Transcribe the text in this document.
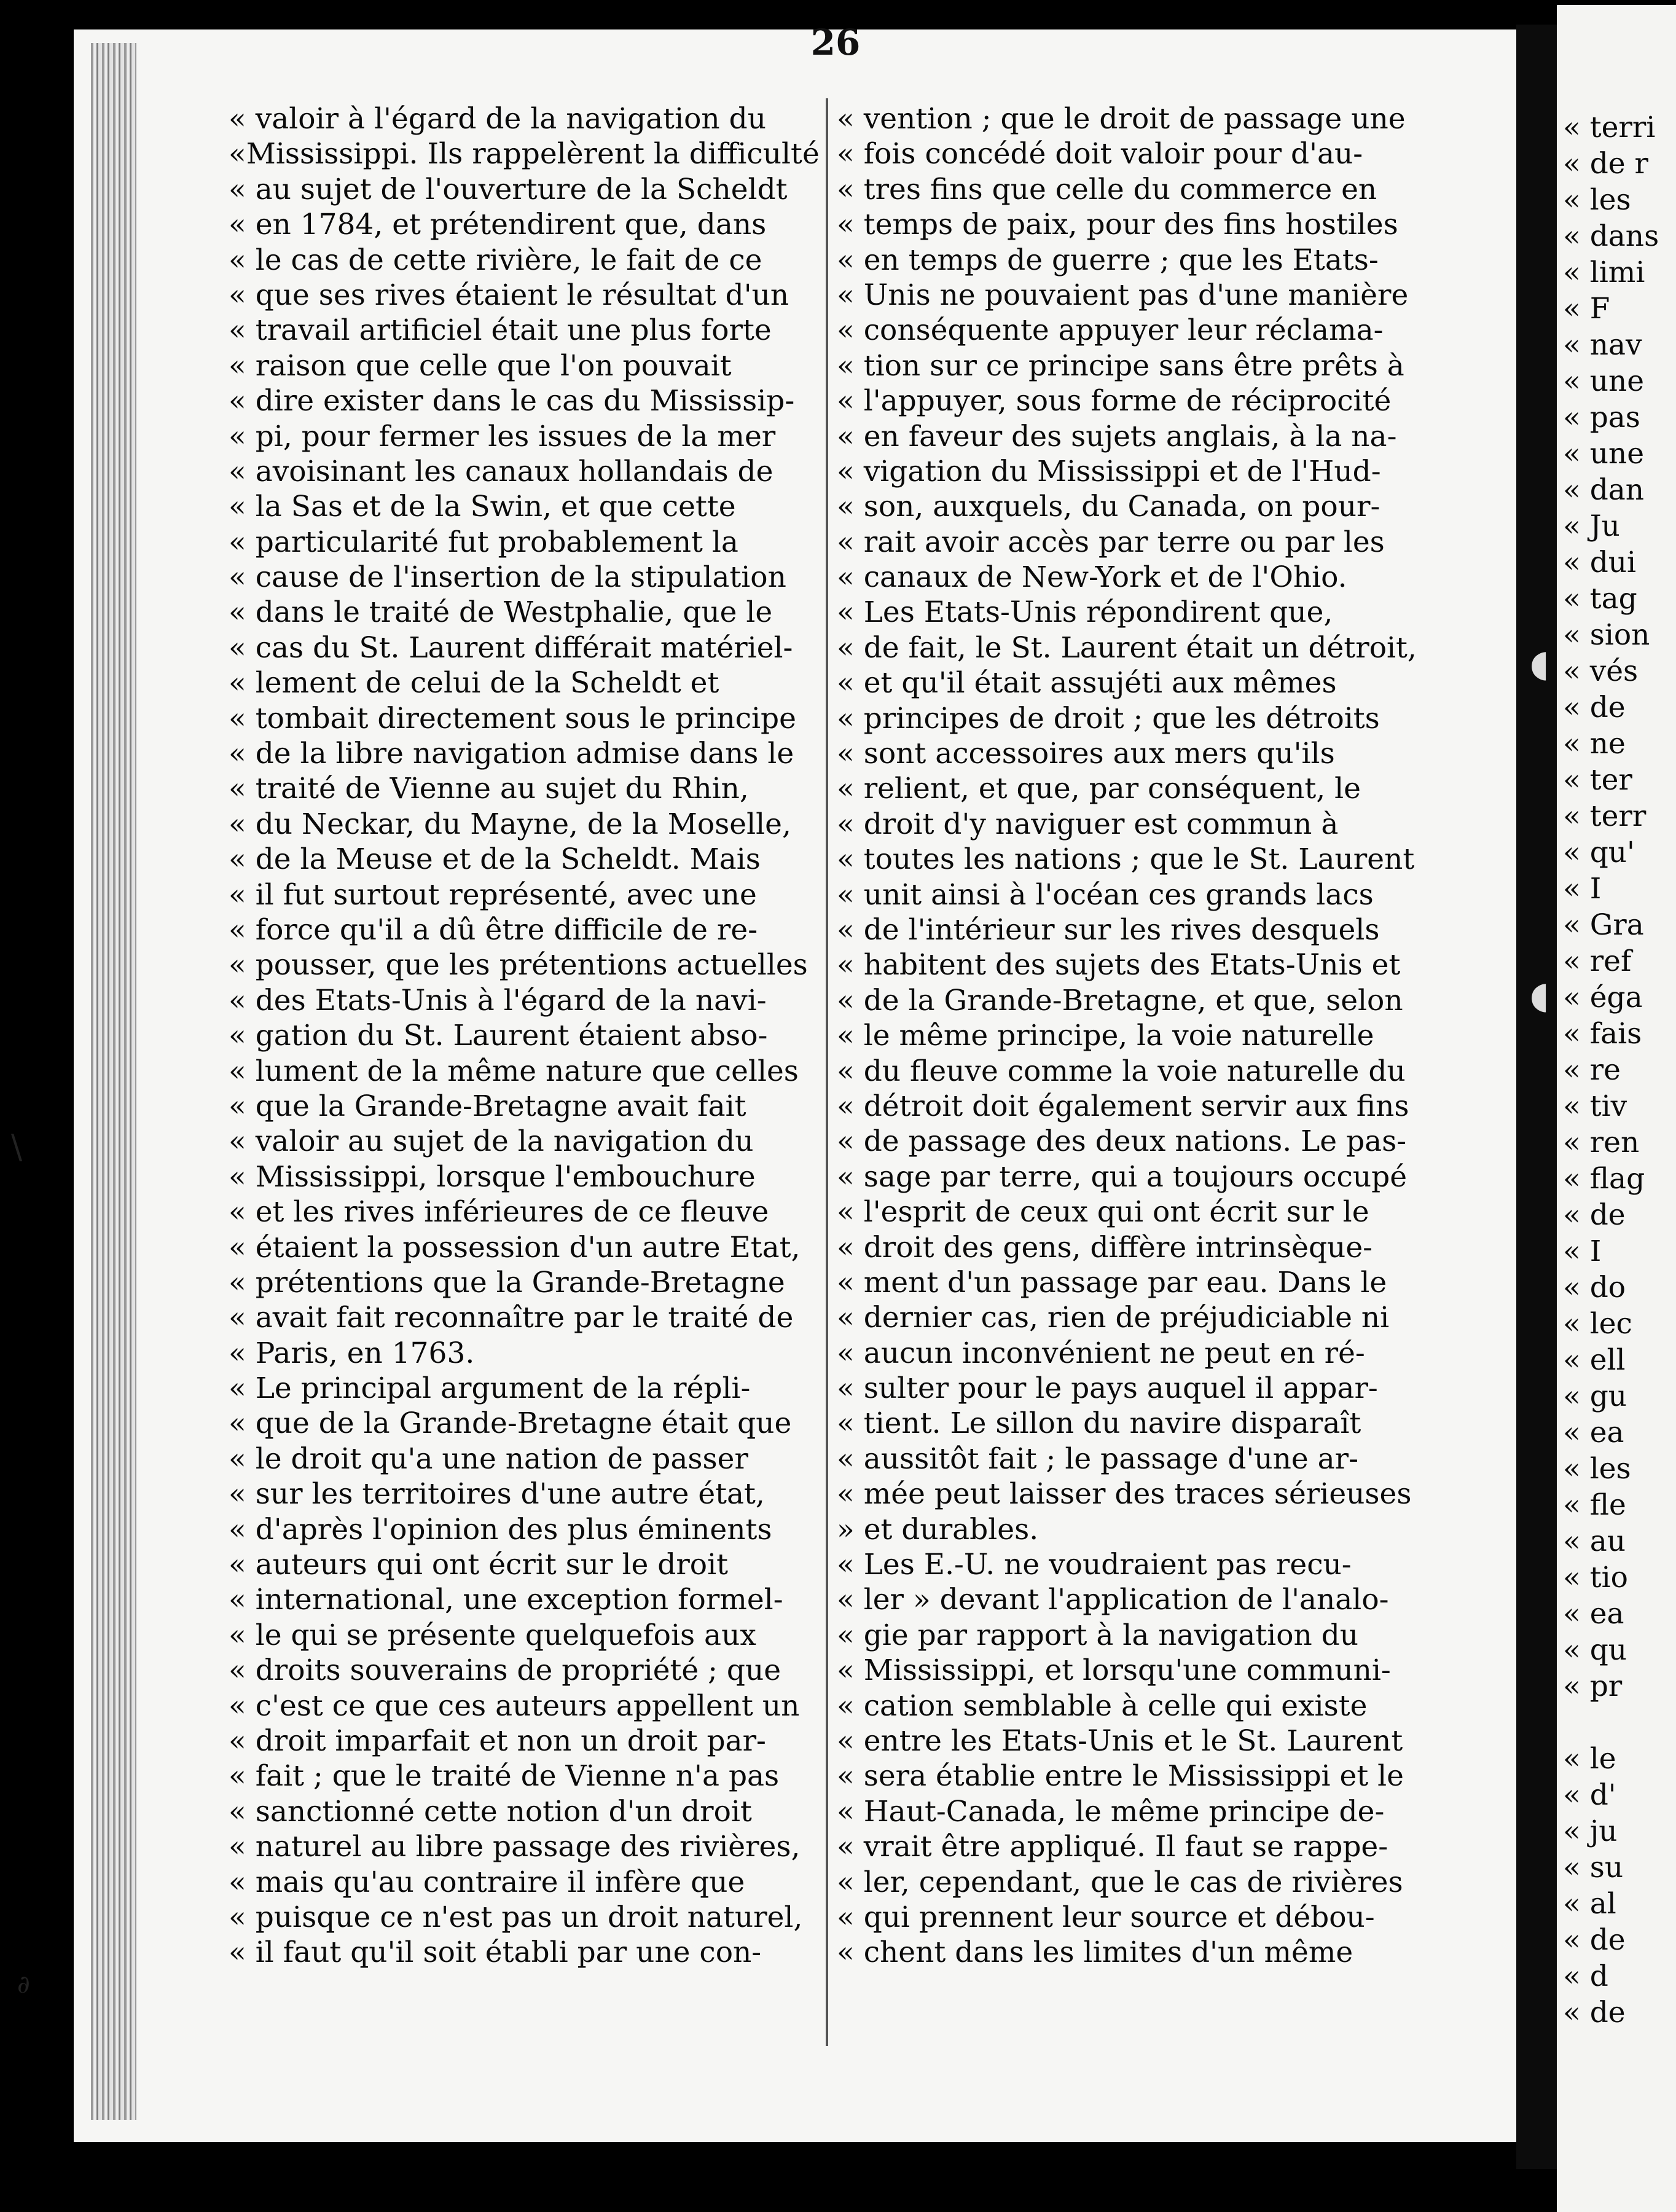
« terri
« de r
« les
« dans
« limi
« F
« nav
« une
« pas
« une
« dan
« Ju
« dui
« tag
« sion
« vés
« de
« ne
« ter
« terr
« qu'
« I
« Gra
« ref
« éga
« fais
« re
« tiv
« ren
« flag
« de
« I
« do
« lec
« ell
« gu
« ea
« les
« fle
« au
« tio
« ea
« qu
« pr
« le
« d'
« ju
« su
« al
« de
« d
« de
26
« valoir à l'égard de la navigation du
«Mississippi. Ils rappelèrent la difficulté
« au sujet de l'ouverture de la Scheldt
« en 1784, et prétendirent que, dans
« le cas de cette rivière, le fait de ce
« que ses rives étaient le résultat d'un
« travail artificiel était une plus forte
« raison que celle que l'on pouvait
« dire exister dans le cas du Mississip-
« pi, pour fermer les issues de la mer
« avoisinant les canaux hollandais de
« la Sas et de la Swin, et que cette
« particularité fut probablement la
« cause de l'insertion de la stipulation
« dans le traité de Westphalie, que le
« cas du St. Laurent différait matériel-
« lement de celui de la Scheldt et
« tombait directement sous le principe
« de la libre navigation admise dans le
« traité de Vienne au sujet du Rhin,
« du Neckar, du Mayne, de la Moselle,
« de la Meuse et de la Scheldt. Mais
« il fut surtout représenté, avec une
« force qu'il a dû être difficile de re-
« pousser, que les prétentions actuelles
« des Etats-Unis à l'égard de la navi-
« gation du St. Laurent étaient abso-
« lument de la même nature que celles
« que la Grande-Bretagne avait fait
« valoir au sujet de la navigation du
« Mississippi, lorsque l'embouchure
« et les rives inférieures de ce fleuve
« étaient la possession d'un autre Etat,
« prétentions que la Grande-Bretagne
« avait fait reconnaître par le traité de
« Paris, en 1763.
« Le principal argument de la répli-
« que de la Grande-Bretagne était que
« le droit qu'a une nation de passer
« sur les territoires d'une autre état,
« d'après l'opinion des plus éminents
« auteurs qui ont écrit sur le droit
« international, une exception formel-
« le qui se présente quelquefois aux
« droits souverains de propriété ; que
« c'est ce que ces auteurs appellent un
« droit imparfait et non un droit par-
« fait ; que le traité de Vienne n'a pas
« sanctionné cette notion d'un droit
« naturel au libre passage des rivières,
« mais qu'au contraire il infère que
« puisque ce n'est pas un droit naturel,
« il faut qu'il soit établi par une con-
« vention ; que le droit de passage une
« fois concédé doit valoir pour d'au-
« tres fins que celle du commerce en
« temps de paix, pour des fins hostiles
« en temps de guerre ; que les Etats-
« Unis ne pouvaient pas d'une manière
« conséquente appuyer leur réclama-
« tion sur ce principe sans être prêts à
« l'appuyer, sous forme de réciprocité
« en faveur des sujets anglais, à la na-
« vigation du Mississippi et de l'Hud-
« son, auxquels, du Canada, on pour-
« rait avoir accès par terre ou par les
« canaux de New-York et de l'Ohio.
« Les Etats-Unis répondirent que,
« de fait, le St. Laurent était un détroit,
« et qu'il était assujéti aux mêmes
« principes de droit ; que les détroits
« sont accessoires aux mers qu'ils
« relient, et que, par conséquent, le
« droit d'y naviguer est commun à
« toutes les nations ; que le St. Laurent
« unit ainsi à l'océan ces grands lacs
« de l'intérieur sur les rives desquels
« habitent des sujets des Etats-Unis et
« de la Grande-Bretagne, et que, selon
« le même principe, la voie naturelle
« du fleuve comme la voie naturelle du
« détroit doit également servir aux fins
« de passage des deux nations. Le pas-
« sage par terre, qui a toujours occupé
« l'esprit de ceux qui ont écrit sur le
« droit des gens, diffère intrinsèque-
« ment d'un passage par eau. Dans le
« dernier cas, rien de préjudiciable ni
« aucun inconvénient ne peut en ré-
« sulter pour le pays auquel il appar-
« tient. Le sillon du navire disparaît
« aussitôt fait ; le passage d'une ar-
« mée peut laisser des traces sérieuses
» et durables.
« Les E.-U. ne voudraient pas recu-
« ler » devant l'application de l'analo-
« gie par rapport à la navigation du
« Mississippi, et lorsqu'une communi-
« cation semblable à celle qui existe
« entre les Etats-Unis et le St. Laurent
« sera établie entre le Mississippi et le
« Haut-Canada, le même principe de-
« vrait être appliqué. Il faut se rappe-
« ler, cependant, que le cas de rivières
« qui prennent leur source et débou-
« chent dans les limites d'un même
\
∂
◖
◖
